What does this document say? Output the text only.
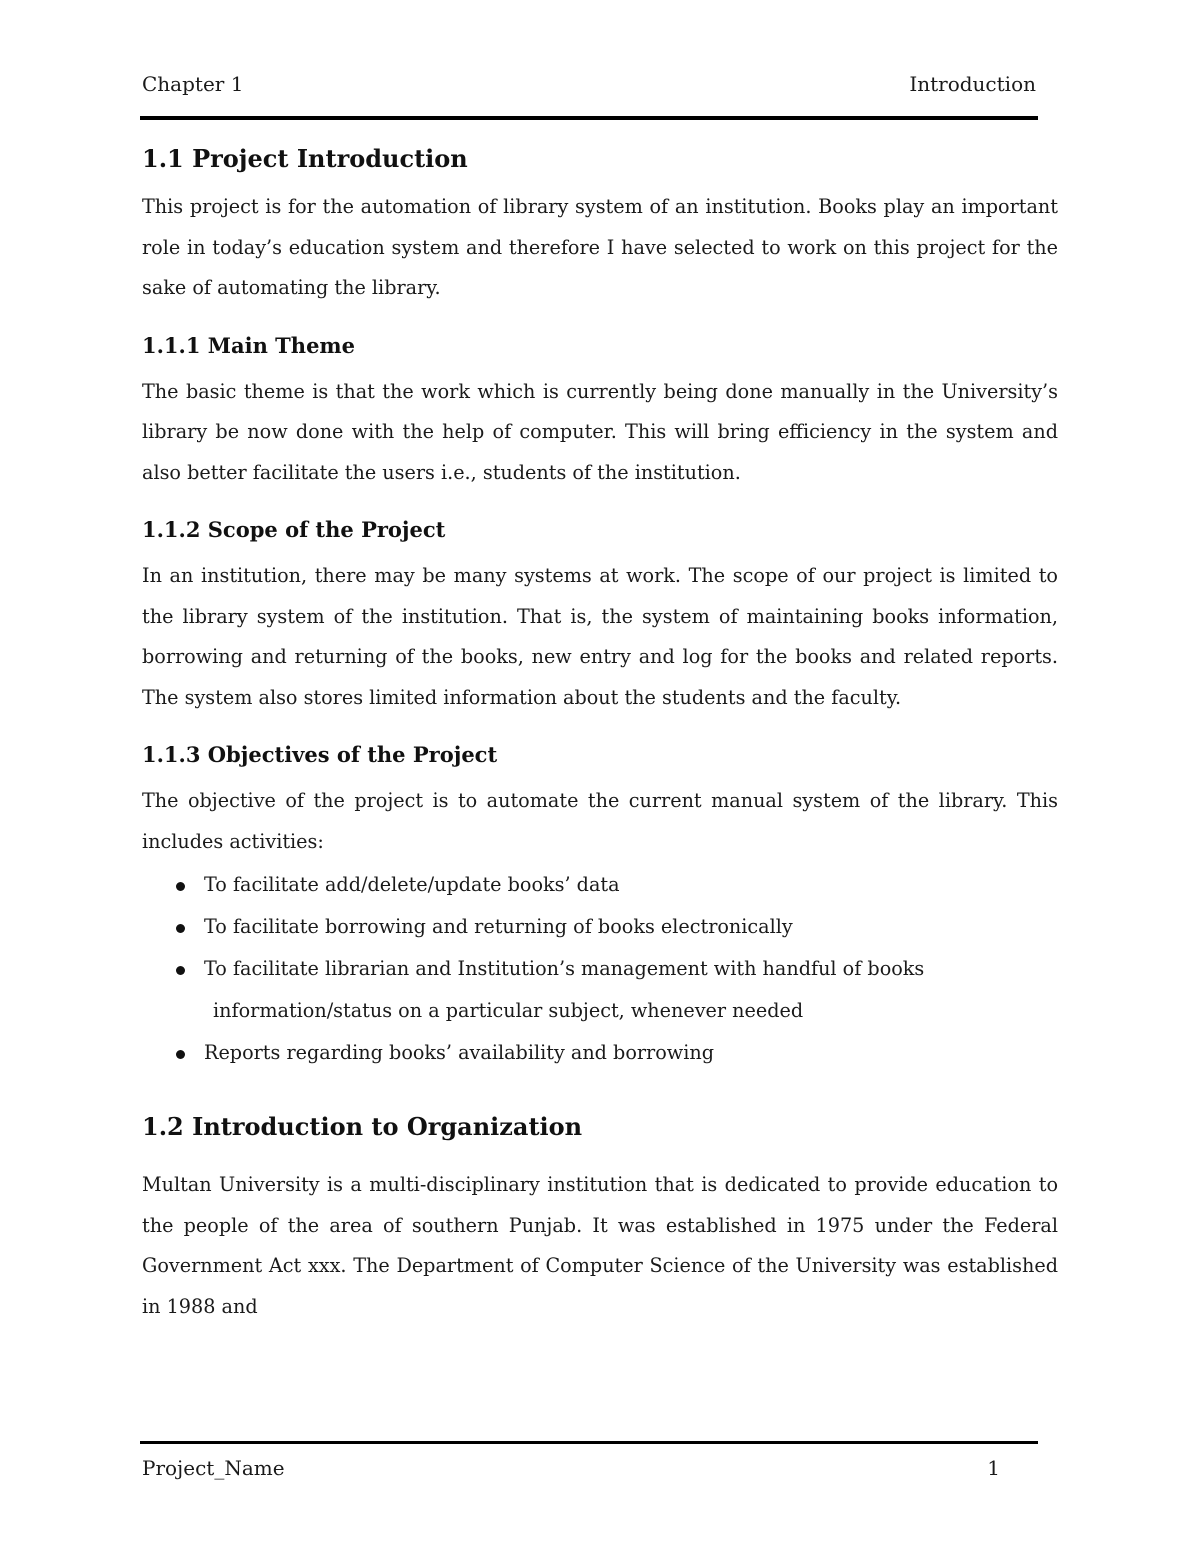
Chapter 1	Introduction
1.1 Project Introduction

This project is for the automation of library system of an institution. Books play an important role in today’s education system and therefore I have selected to work on this project for the sake of automating the library.

1.1.1 Main Theme

The basic theme is that the work which is currently being done manually in the University’s library be now done with the help of computer. This will bring efficiency in the system and also better facilitate the users i.e., students of the institution.

1.1.2 Scope of the Project

In an institution, there may be many systems at work. The scope of our project is limited to the library system of the institution. That is, the system of maintaining books information, borrowing and returning of the books, new entry and log for the books and related reports. The system also stores limited information about the students and the faculty.

1.1.3 Objectives of the Project

The objective of the project is to automate the current manual system of the library. This includes activities:

To facilitate add/delete/update books’ data
To facilitate borrowing and returning of books electronically
To facilitate librarian and Institution’s management with handful of books
information/status on a particular subject, whenever needed
Reports regarding books’ availability and borrowing
1.2 Introduction to Organization

Multan University is a multi-disciplinary institution that is dedicated to provide education to the people of the area of southern Punjab. It was established in 1975 under the Federal Government Act xxx. The Department of Computer Science of the University was established in 1988 and

Project_Name	1
